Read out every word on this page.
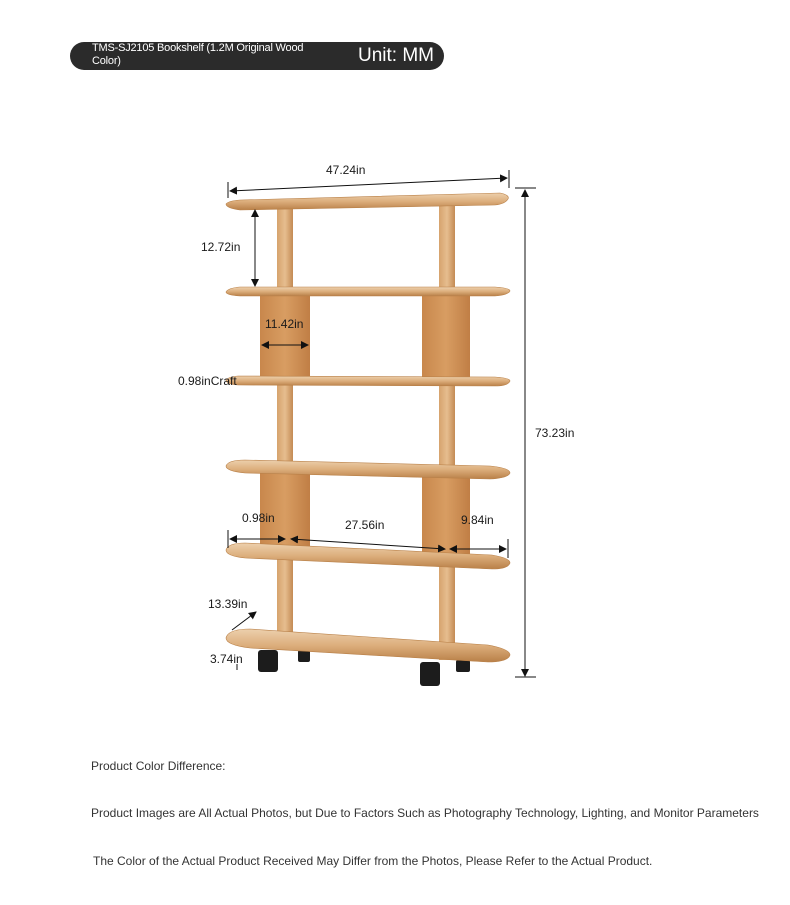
TMS-SJ2105 Bookshelf (1.2M Original Wood Color)	Unit: MM
47.24in
73.23in
12.72in
11.42in
0.98inCraft
0.98in	27.56in	9.84in
13.39in
3.74in
Product Color Difference:
Product Images are All Actual Photos, but Due to Factors Such as Photography Technology, Lighting, and Monitor Parameters
The Color of the Actual Product Received May Differ from the Photos, Please Refer to the Actual Product.
